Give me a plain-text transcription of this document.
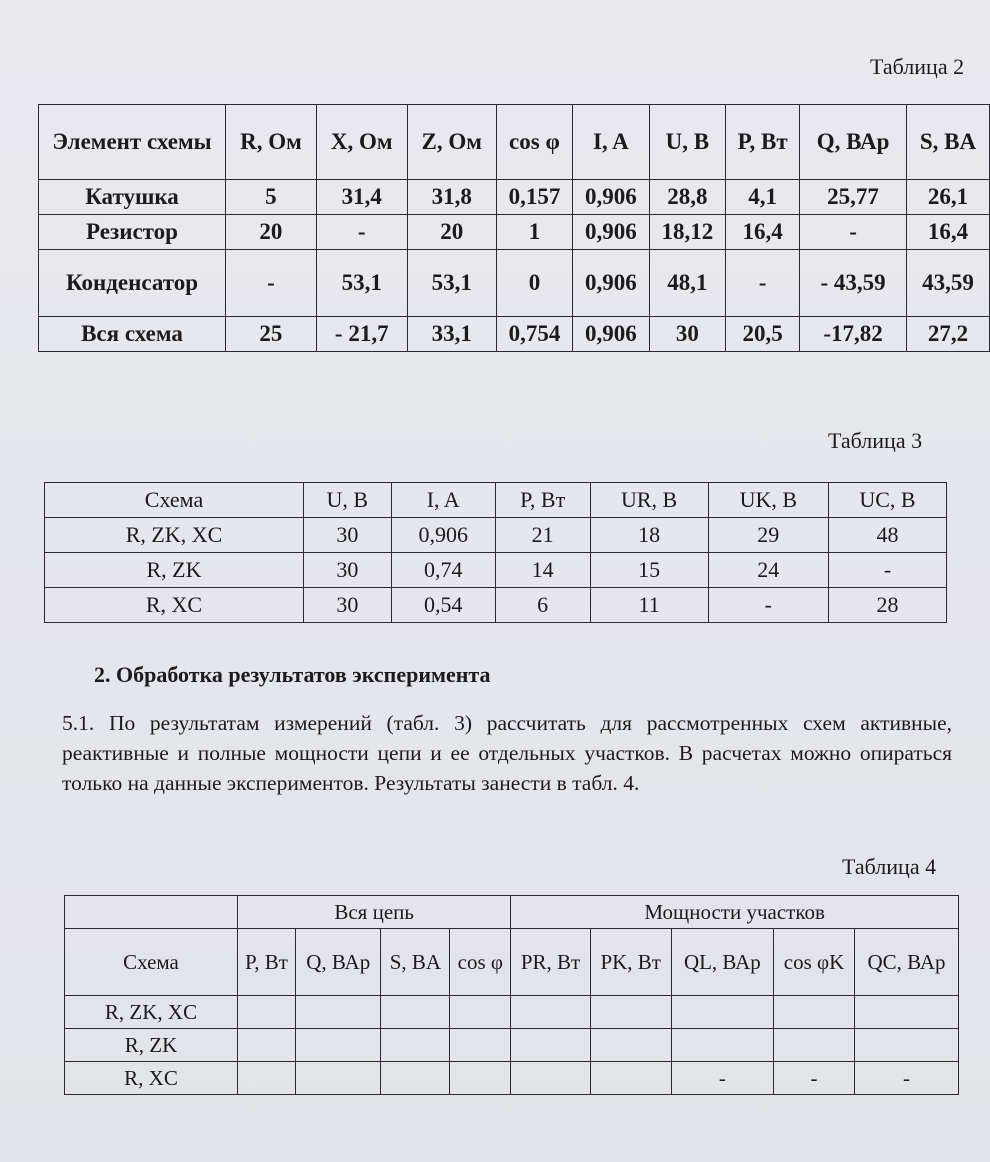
Таблица 2
Элемент схемы	R, Ом	X, Ом	Z, Ом	cos φ	I, A	U, B	P, Вт	Q, ВАр	S, BA
Катушка	5	31,4	31,8	0,157	0,906	28,8	4,1	25,77	26,1
Резистор	20	-	20	1	0,906	18,12	16,4	-	16,4
Конденсатор	-	53,1	53,1	0	0,906	48,1	-	- 43,59	43,59
Вся схема	25	- 21,7	33,1	0,754	0,906	30	20,5	-17,82	27,2
Таблица 3
Схема	U, B	I, A	P, Вт	UR, B	UK, B	UC, B
R, ZK, XC	30	0,906	21	18	29	48
R, ZK	30	0,74	14	15	24	-
R, XC	30	0,54	6	11	-	28
2. Обработка результатов эксперимента
5.1. По результатам измерений (табл. 3) рассчитать для рассмотренных схем активные, реактивные и полные мощности цепи и ее отдельных участков. В расчетах можно опираться только на данные экспериментов. Результаты занести в табл. 4.
Таблица 4
	Вся цепь				Мощности участков				
Схема	P, Вт	Q, ВАр	S, BA	cos φ	PR, Вт	PK, Вт	QL, ВАр	cos φK	QC, ВАр
R, ZK, XC									
R, ZK									
R, XC							-	-	-
